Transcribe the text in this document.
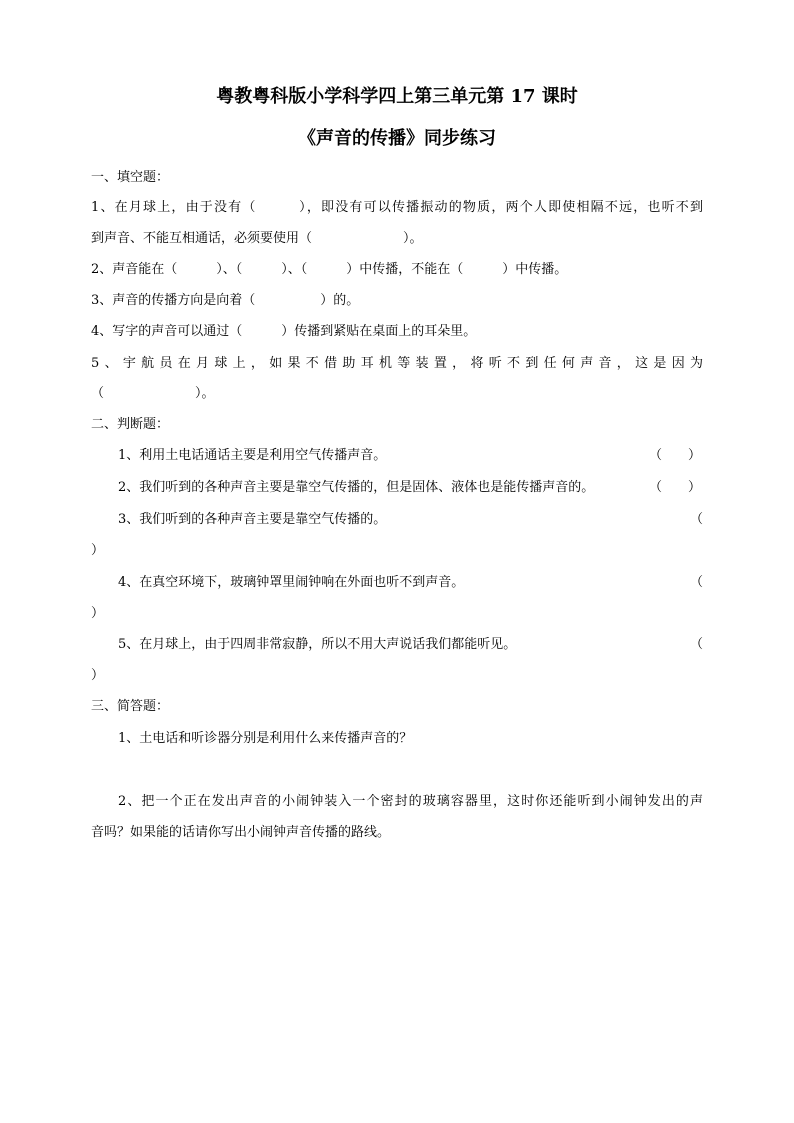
粤教粤科版小学科学四上第三单元第 17 课时
《声音的传播》同步练习
一、填空题：
1、在月球上，由于没有（　　　），即没有可以传播振动的物质，两个人即使相隔不远，也听不到
到声音、不能互相通话，必须要使用（　　　　　　　）。
2、声音能在（　　　）、（　　　）、（　　　）中传播，不能在（　　　）中传播。
3、声音的传播方向是向着（　　　　　）的。
4、写字的声音可以通过（　　　）传播到紧贴在桌面上的耳朵里。
5、宇航员在月球上，如果不借助耳机等装置，将听不到任何声音，这是因为
（　　　　　　　）。
二、判断题：
1、利用土电话通话主要是利用空气传播声音。	（　　）
2、我们听到的各种声音主要是靠空气传播的，但是固体、液体也是能传播声音的。	（　　）
3、我们听到的各种声音主要是靠空气传播的。	（
）
4、在真空环境下，玻璃钟罩里闹钟响在外面也听不到声音。	（
）
5、在月球上，由于四周非常寂静，所以不用大声说话我们都能听见。	（
）
三、简答题：
1、土电话和听诊器分别是利用什么来传播声音的？
2、把一个正在发出声音的小闹钟装入一个密封的玻璃容器里，这时你还能听到小闹钟发出的声
音吗？如果能的话请你写出小闹钟声音传播的路线。
